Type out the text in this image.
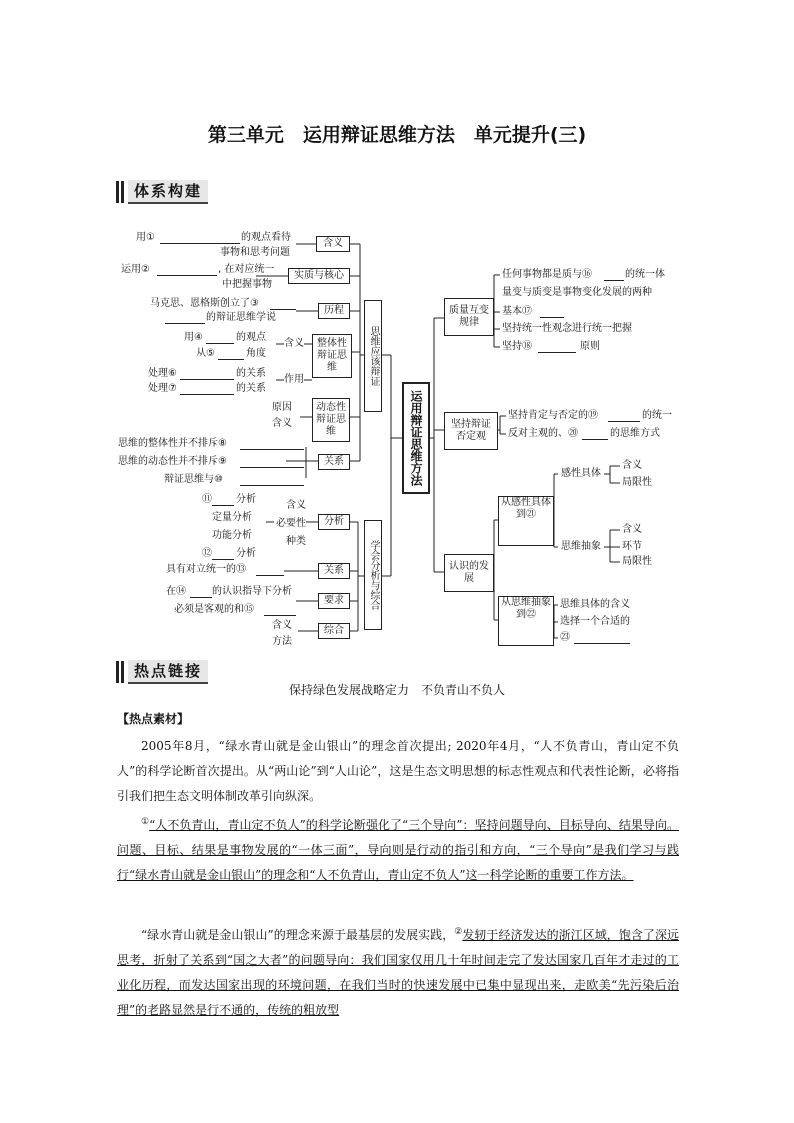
第三单元　运用辩证思维方法　单元提升(三)
体系构建
用①	的观点看待
事物和思考问题
含义
运用②	, 在对应统一
中把握事物
实质与核心
马克思、恩格斯创立了③
的辩证思维学说
历程
用④	的观点
从⑤	角度
含义
处理⑥	的关系
处理⑦	的关系
作用
整体性辩证思维
原因
含义
动态性辩证思维
思维的整体性并不排斥⑧
思维的动态性并不排斥⑨
辩证思维与⑩
关系
思维应该辩证
⑪ 分析
定量分析
功能分析
⑫ 分析
含义
必要性
种类
分析
具有对立统一的⑬	关系
在⑭	的认识指导下分析
必须是客观的和⑮
要求
含义
方法
综合
学会分析与综合
运用辩证思维方法
质量互变规律
任何事物都是质与⑯	的统一体
量变与质变是事物变化发展的两种
基本⑰
坚持统一性观念进行统一把握
坚持⑱	原则
坚持辩证否定观
坚持肯定与否定的⑲	的统一
反对主观的、⑳	的思维方式
认识的发展
从感性具体到㉑
感性具体
含义
局限性
思维抽象
含义
环节
局限性
从思维抽象到㉒
思维具体的含义
选择一个合适的
㉓
热点链接
保持绿色发展战略定力　不负青山不负人
【热点素材】
2005年8月，“绿水青山就是金山银山”的理念首次提出; 2020年4月，“人不负青山，青山定不负人”的科学论断首次提出。从“两山论”到“人山论”，这是生态文明思想的标志性观点和代表性论断，必将指引我们把生态文明体制改革引向纵深。
①“人不负青山，青山定不负人”的科学论断强化了“三个导向”：坚持问题导向、目标导向、结果导向。问题、目标、结果是事物发展的“一体三面”，导向则是行动的指引和方向，“三个导向”是我们学习与践行“绿水青山就是金山银山”的理念和“人不负青山，青山定不负人”这一科学论断的重要工作方法。
“绿水青山就是金山银山”的理念来源于最基层的发展实践，②发轫于经济发达的浙江区域，饱含了深远思考，折射了关系到“国之大者”的问题导向：我们国家仅用几十年时间走完了发达国家几百年才走过的工业化历程，而发达国家出现的环境问题，在我们当时的快速发展中已集中显现出来，走欧美“先污染后治理”的老路显然是行不通的，传统的粗放型
